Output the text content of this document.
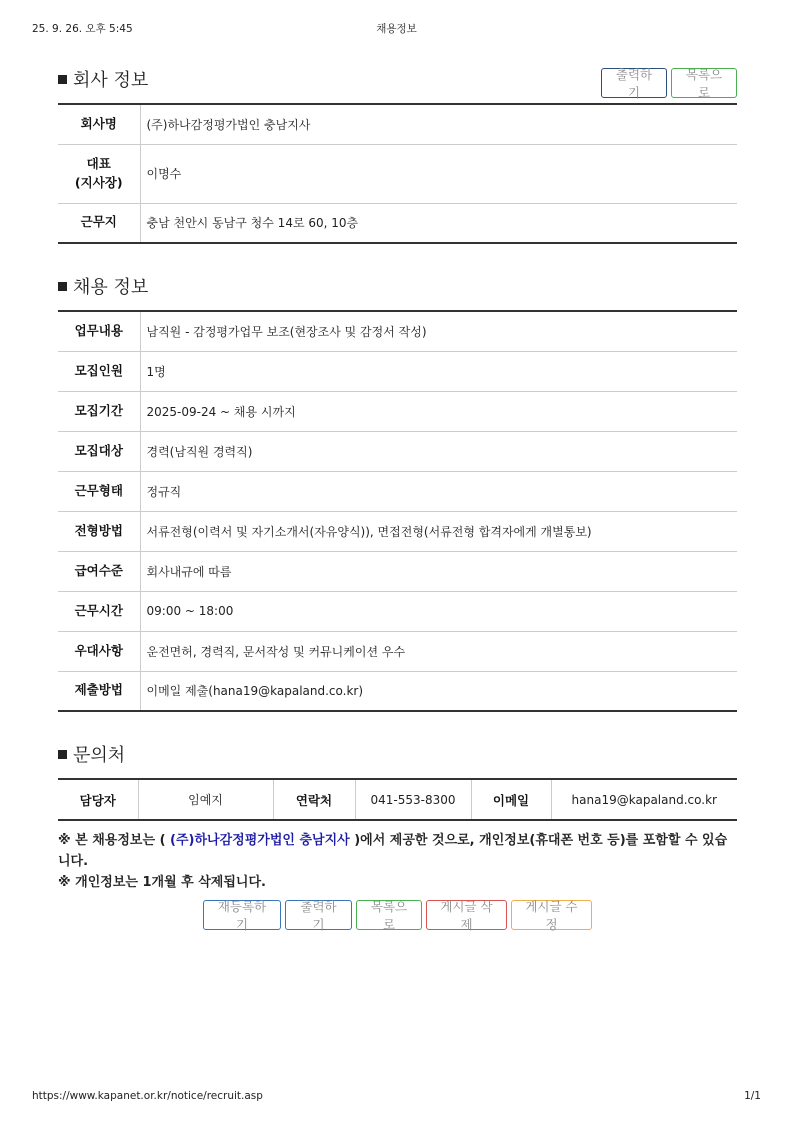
25. 9. 26. 오후 5:45	채용정보
회사 정보	출력하기
목록으로
회사명	(주)하나감정평가법인 충남지사
대표
(지사장)	이명수
근무지	충남 천안시 동남구 청수 14로 60, 10층
채용 정보
업무내용	남직원 - 감정평가업무 보조(현장조사 및 감정서 작성)
모집인원	1명
모집기간	2025-09-24 ~ 채용 시까지
모집대상	경력(남직원 경력직)
근무형태	정규직
전형방법	서류전형(이력서 및 자기소개서(자유양식)), 면접전형(서류전형 합격자에게 개별통보)
급여수준	회사내규에 따름
근무시간	09:00 ~ 18:00
우대사항	운전면허, 경력직, 문서작성 및 커뮤니케이션 우수
제출방법	이메일 제출(hana19@kapaland.co.kr)
문의처
담당자	임예지	연락처	041-553-8300	이메일	hana19@kapaland.co.kr
※ 본 채용정보는 ( (주)하나감정평가법인 충남지사 )에서 제공한 것으로, 개인정보(휴대폰 번호 등)를 포함할 수 있습니다.
※ 개인정보는 1개월 후 삭제됩니다.
재등록하기
출력하기
목록으로
게시글 삭제
게시글 수정
https://www.kapanet.or.kr/notice/recruit.asp	1/1
